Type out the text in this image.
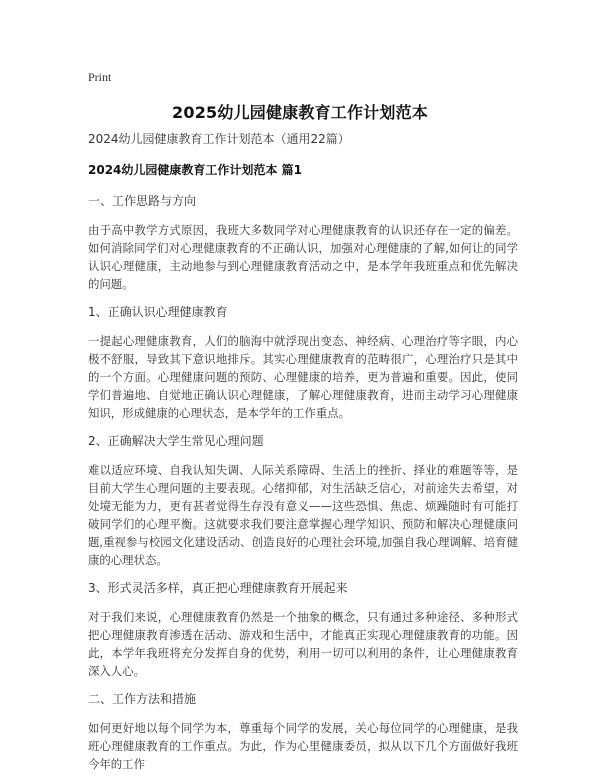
Print
2025幼儿园健康教育工作计划范本
2024幼儿园健康教育工作计划范本（通用22篇）
2024幼儿园健康教育工作计划范本 篇1
一、工作思路与方向
由于高中教学方式原因，我班大多数同学对心理健康教育的认识还存在一定的偏差。如何消除同学们对心理健康教育的不正确认识，加强对心理健康的了解,如何让的同学认识心理健康，主动地参与到心理健康教育活动之中，是本学年我班重点和优先解决的问题。
1、正确认识心理健康教育
一提起心理健康教育，人们的脑海中就浮现出变态、神经病、心理治疗等字眼，内心极不舒服，导致其下意识地排斥。其实心理健康教育的范畴很广，心理治疗只是其中的一个方面。心理健康问题的预防、心理健康的培养，更为普遍和重要。因此，使同学们普遍地、自觉地正确认识心理健康，了解心理健康教育，进而主动学习心理健康知识，形成健康的心理状态，是本学年的工作重点。
2、正确解决大学生常见心理问题
难以适应环境、自我认知失调、人际关系障碍、生活上的挫折、择业的难题等等，是目前大学生心理问题的主要表现。心绪抑郁，对生活缺乏信心，对前途失去希望，对处境无能为力，更有甚者觉得生存没有意义——这些恐惧、焦虑、烦躁随时有可能打破同学们的心理平衡。这就要求我们要注意掌握心理学知识、预防和解决心理健康问题,重视参与校园文化建设活动、创造良好的心理社会环境,加强自我心理调解、培育健康的心理状态。
3、形式灵活多样，真正把心理健康教育开展起来
对于我们来说，心理健康教育仍然是一个抽象的概念，只有通过多种途径、多种形式把心理健康教育渗透在活动、游戏和生活中，才能真正实现心理健康教育的功能。因此，本学年我班将充分发挥自身的优势，利用一切可以利用的条件，让心理健康教育深入人心。
二、工作方法和措施
如何更好地以每个同学为本，尊重每个同学的发展，关心每位同学的心理健康，是我班心理健康教育的工作重点。为此，作为心里健康委员，拟从以下几个方面做好我班今年的工作
